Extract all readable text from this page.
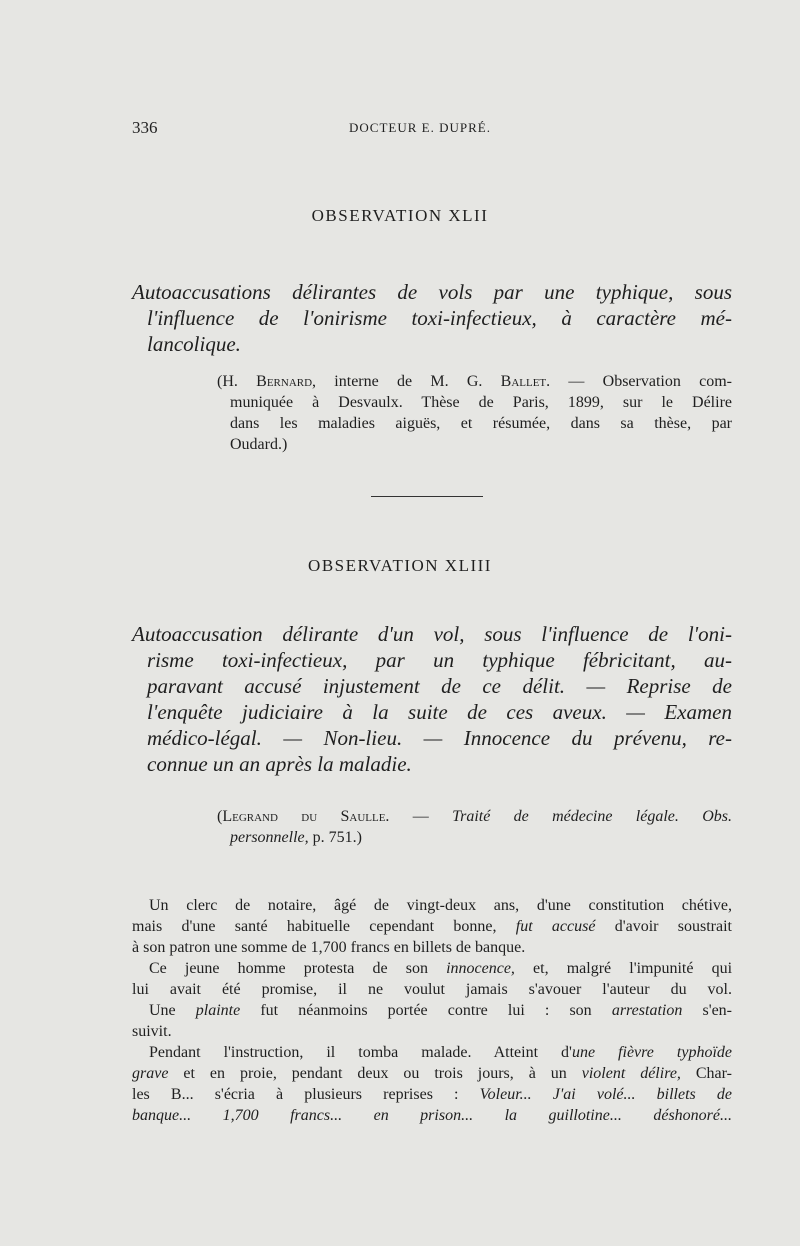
336	DOCTEUR E. DUPRÉ.
OBSERVATION XLII
Autoaccusations délirantes de vols par une typhique, sous
l'influence de l'onirisme toxi-infectieux, à caractère mé-
lancolique.
(H. Bernard, interne de M. G. Ballet. — Observation com-
muniquée à Desvaulx. Thèse de Paris, 1899, sur le Délire
dans les maladies aiguës, et résumée, dans sa thèse, par
Oudard.)
OBSERVATION XLIII
Autoaccusation délirante d'un vol, sous l'influence de l'oni-
risme toxi-infectieux, par un typhique fébricitant, au-
paravant accusé injustement de ce délit. — Reprise de
l'enquête judiciaire à la suite de ces aveux. — Examen
médico-légal. — Non-lieu. — Innocence du prévenu, re-
connue un an après la maladie.
(Legrand du Saulle. — Traité de médecine légale. Obs.
personnelle, p. 751.)
Un clerc de notaire, âgé de vingt-deux ans, d'une constitution chétive,
mais d'une santé habituelle cependant bonne, fut accusé d'avoir soustrait
à son patron une somme de 1,700 francs en billets de banque.
Ce jeune homme protesta de son innocence, et, malgré l'impunité qui
lui avait été promise, il ne voulut jamais s'avouer l'auteur du vol.
Une plainte fut néanmoins portée contre lui : son arrestation s'en-
suivit.
Pendant l'instruction, il tomba malade. Atteint d'une fièvre typhoïde
grave et en proie, pendant deux ou trois jours, à un violent délire, Char-
les B... s'écria à plusieurs reprises : Voleur... J'ai volé... billets de
banque... 1,700 francs... en prison... la guillotine... déshonoré...
